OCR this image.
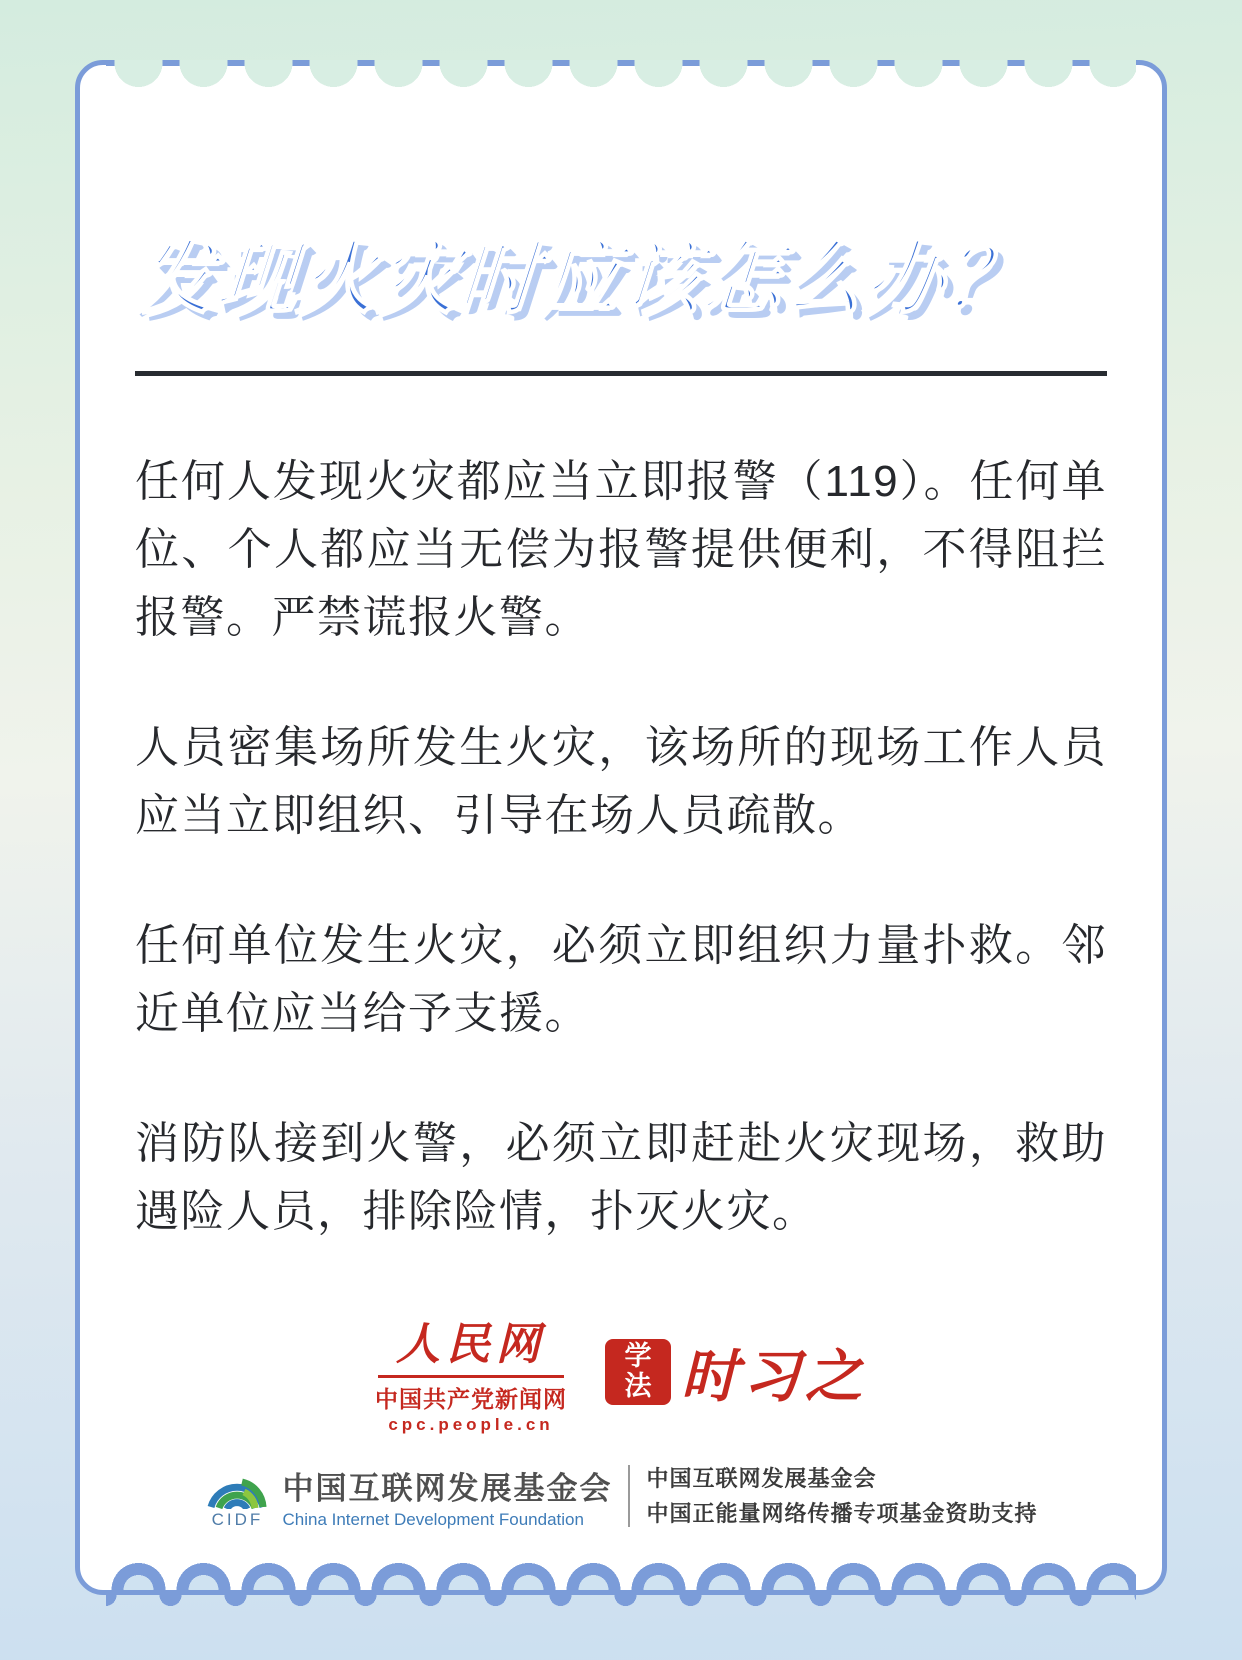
发现火灾时应该怎么办？

任何人发现火灾都应当立即报警（119）。任何单位、个人都应当无偿为报警提供便利，不得阻拦报警。严禁谎报火警。

人员密集场所发生火灾，该场所的现场工作人员应当立即组织、引导在场人员疏散。

任何单位发生火灾，必须立即组织力量扑救。邻近单位应当给予支援。

消防队接到火警，必须立即赶赴火灾现场，救助遇险人员，排除险情，扑灭火灾。

人民网
中国共产党新闻网
cpc.people.cn
学
法 时习之
CIDF
中国互联网发展基金会
China Internet Development Foundation
中国互联网发展基金会
中国正能量网络传播专项基金资助支持
